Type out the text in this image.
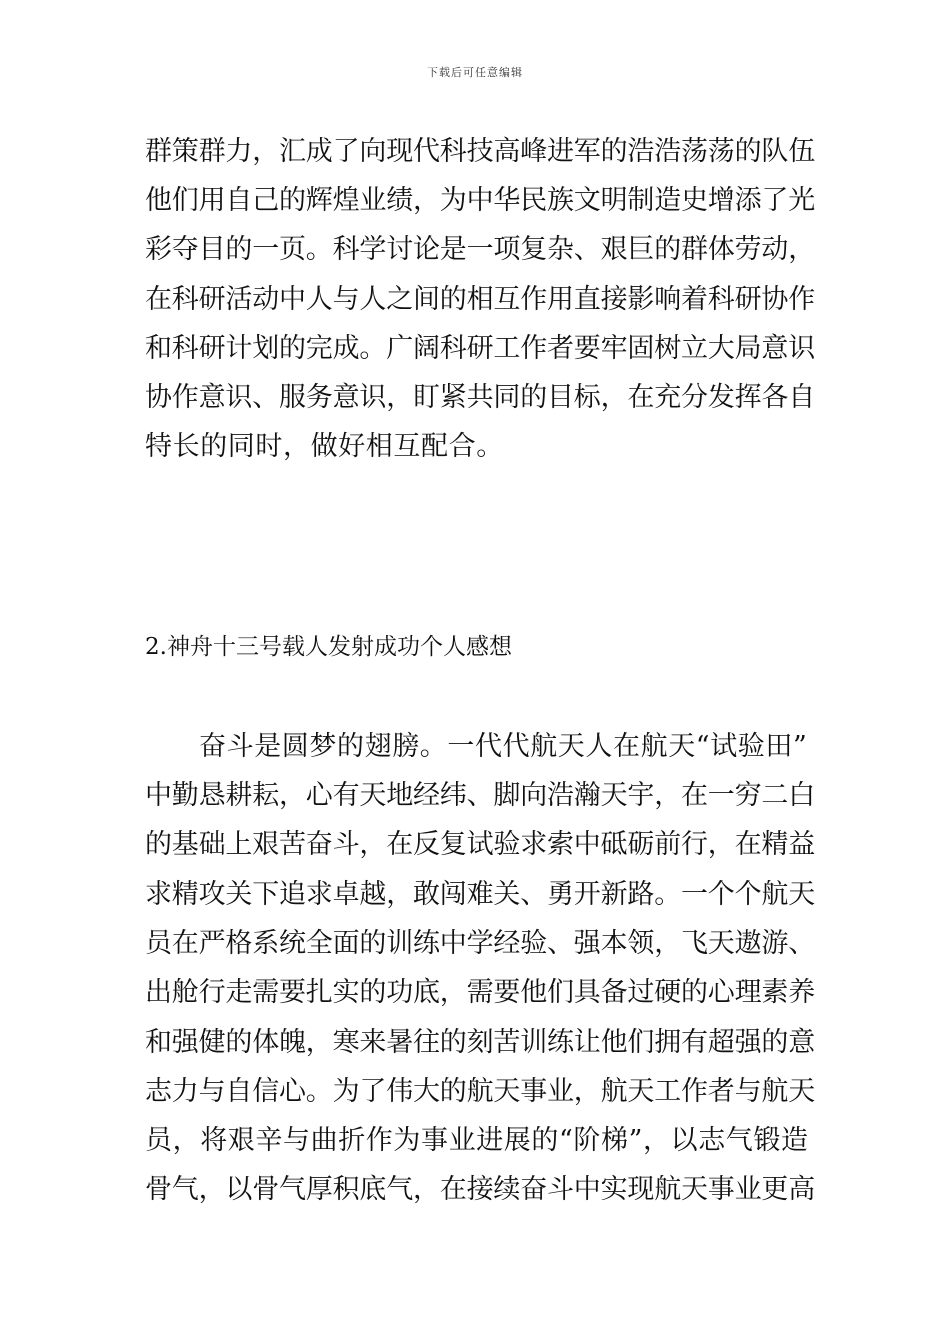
下载后可任意编辑
群策群力，汇成了向现代科技高峰进军的浩浩荡荡的队伍
他们用自己的辉煌业绩，为中华民族文明制造史增添了光
彩夺目的一页。科学讨论是一项复杂、艰巨的群体劳动，
在科研活动中人与人之间的相互作用直接影响着科研协作
和科研计划的完成。广阔科研工作者要牢固树立大局意识
协作意识、服务意识，盯紧共同的目标，在充分发挥各自
特长的同时，做好相互配合。
2.神舟十三号载人发射成功个人感想
奋斗是圆梦的翅膀。一代代航天人在航天“试验田”
中勤恳耕耘，心有天地经纬、脚向浩瀚天宇，在一穷二白
的基础上艰苦奋斗，在反复试验求索中砥砺前行，在精益
求精攻关下追求卓越，敢闯难关、勇开新路。一个个航天
员在严格系统全面的训练中学经验、强本领，飞天遨游、
出舱行走需要扎实的功底，需要他们具备过硬的心理素养
和强健的体魄，寒来暑往的刻苦训练让他们拥有超强的意
志力与自信心。为了伟大的航天事业，航天工作者与航天
员，将艰辛与曲折作为事业进展的“阶梯”，以志气锻造
骨气，以骨气厚积底气，在接续奋斗中实现航天事业更高
